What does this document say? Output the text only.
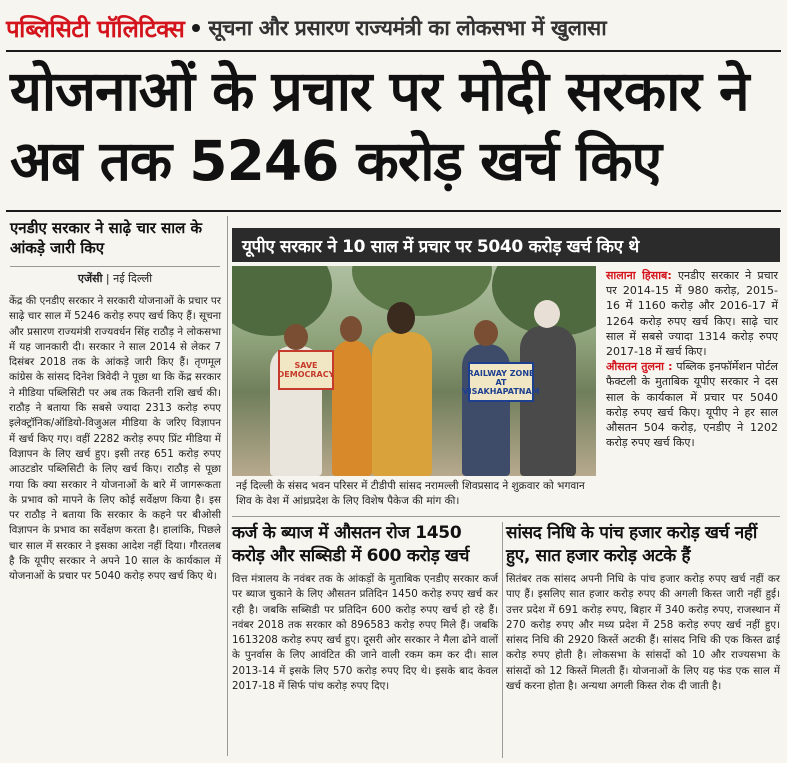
पब्लिसिटी पॉलिटिक्स सूचना और प्रसारण राज्यमंत्री का लोकसभा में खुलासा
योजनाओं के प्रचार पर मोदी सरकार ने अब तक 5246 करोड़ खर्च किए
एनडीए सरकार ने साढ़े चार साल के आंकड़े जारी किए
एजेंसी | नई दिल्ली

केंद्र की एनडीए सरकार ने सरकारी योजनाओं के प्रचार पर साढ़े चार साल में 5246 करोड़ रुपए खर्च किए हैं। सूचना और प्रसारण राज्यमंत्री राज्यवर्धन सिंह राठौड़ ने लोकसभा में यह जानकारी दी। सरकार ने साल 2014 से लेकर 7 दिसंबर 2018 तक के आंकड़े जारी किए हैं। तृणमूल कांग्रेस के सांसद दिनेश त्रिवेदी ने पूछा था कि केंद्र सरकार ने मीडिया पब्लिसिटी पर अब तक कितनी राशि खर्च की। राठौड़ ने बताया कि सबसे ज्यादा 2313 करोड़ रुपए इलेक्ट्रॉनिक/ऑडियो-विजुअल मीडिया के जरिए विज्ञापन में खर्च किए गए। वहीं 2282 करोड़ रुपए प्रिंट मीडिया में विज्ञापन के लिए खर्च हुए। इसी तरह 651 करोड़ रुपए आउटडोर पब्लिसिटी के लिए खर्च किए। राठौड़ से पूछा गया कि क्या सरकार ने योजनाओं के बारे में जागरूकता के प्रभाव को मापने के लिए कोई सर्वेक्षण किया है। इस पर राठौड़ ने बताया कि सरकार के कहने पर बीओसी विज्ञापन के प्रभाव का सर्वेक्षण करता है। हालांकि, पिछले चार साल में सरकार ने इसका आदेश नहीं दिया। गौरतलब है कि यूपीए सरकार ने अपने 10 साल के कार्यकाल में योजनाओं के प्रचार पर 5040 करोड़ रुपए खर्च किए थे।

यूपीए सरकार ने 10 साल में प्रचार पर 5040 करोड़ खर्च किए थे
SAVE DEMOCRACY	RAILWAY ZONE AT VISAKHAPATNAM

नई दिल्ली के संसद भवन परिसर में टीडीपी सांसद नरामल्ली शिवप्रसाद ने शुक्रवार को भगवान शिव के वेश में आंध्रप्रदेश के लिए विशेष पैकेज की मांग की।

सालाना हिसाब: एनडीए सरकार ने प्रचार पर 2014-15 में 980 करोड़, 2015-16 में 1160 करोड़ और 2016-17 में 1264 करोड़ रुपए खर्च किए। साढ़े चार साल में सबसे ज्यादा 1314 करोड़ रुपए 2017-18 में खर्च किए।
औसतन तुलना : पब्लिक इनफॉर्मेशन पोर्टल फैक्टली के मुताबिक यूपीए सरकार ने दस साल के कार्यकाल में प्रचार पर 5040 करोड़ रुपए खर्च किए। यूपीए ने हर साल औसतन 504 करोड़, एनडीए ने 1202 करोड़ रुपए खर्च किए।
कर्ज के ब्याज में औसतन रोज 1450 करोड़ और सब्सिडी में 600 करोड़ खर्च

वित्त मंत्रालय के नवंबर तक के आंकड़ों के मुताबिक एनडीए सरकार कर्ज पर ब्याज चुकाने के लिए औसतन प्रतिदिन 1450 करोड़ रुपए खर्च कर रही है। जबकि सब्सिडी पर प्रतिदिन 600 करोड़ रुपए खर्च हो रहे हैं। नवंबर 2018 तक सरकार को 896583 करोड़ रुपए मिले हैं। जबकि 1613208 करोड़ रुपए खर्च हुए। दूसरी ओर सरकार ने मैला ढोने वालों के पुनर्वास के लिए आवंटित की जाने वाली रकम कम कर दी। साल 2013-14 में इसके लिए 570 करोड़ रुपए दिए थे। इसके बाद केवल 2017-18 में सिर्फ पांच करोड़ रुपए दिए।

सांसद निधि के पांच हजार करोड़ खर्च नहीं हुए, सात हजार करोड़ अटके हैं

सितंबर तक सांसद अपनी निधि के पांच हजार करोड़ रुपए खर्च नहीं कर पाए हैं। इसलिए सात हजार करोड़ रुपए की अगली किस्त जारी नहीं हुई। उत्तर प्रदेश में 691 करोड़ रुपए, बिहार में 340 करोड़ रुपए, राजस्थान में 270 करोड़ रुपए और मध्य प्रदेश में 258 करोड़ रुपए खर्च नहीं हुए। सांसद निधि की 2920 किस्तें अटकी हैं। सांसद निधि की एक किस्त ढाई करोड़ रुपए होती है। लोकसभा के सांसदों को 10 और राज्यसभा के सांसदों को 12 किस्तें मिलती हैं। योजनाओं के लिए यह फंड एक साल में खर्च करना होता है। अन्यथा अगली किस्त रोक दी जाती है।
